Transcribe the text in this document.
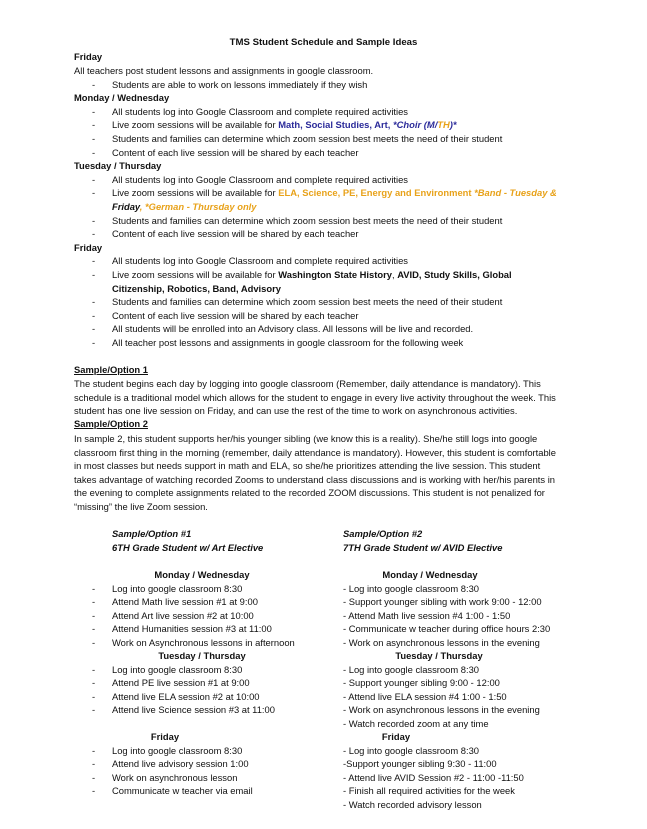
TMS Student Schedule and Sample Ideas
Friday
All teachers post student lessons and assignments in google classroom.
- Students are able to work on lessons immediately if they wish
Monday / Wednesday
- All students log into Google Classroom and complete required activities
- Live zoom sessions will be available for Math, Social Studies, Art, *Choir (M/TH)*
- Students and families can determine which zoom session best meets the need of their student
- Content of each live session will be shared by each teacher
Tuesday / Thursday
- All students log into Google Classroom and complete required activities
- Live zoom sessions will be available for ELA, Science, PE, Energy and Environment *Band - Tuesday &
Friday, *German - Thursday only
- Students and families can determine which zoom session best meets the need of their student
- Content of each live session will be shared by each teacher
Friday
- All students log into Google Classroom and complete required activities
- Live zoom sessions will be available for Washington State History, AVID, Study Skills, Global
Citizenship, Robotics, Band, Advisory
- Students and families can determine which zoom session best meets the need of their student
- Content of each live session will be shared by each teacher
- All students will be enrolled into an Advisory class. All lessons will be live and recorded.
- All teacher post lessons and assignments in google classroom for the following week
Sample/Option 1
The student begins each day by logging into google classroom (Remember, daily attendance is mandatory). This
schedule is a traditional model which allows for the student to engage in every live activity throughout the week. This
student has one live session on Friday, and can use the rest of the time to work on asynchronous activities.
Sample/Option 2
In sample 2, this student supports her/his younger sibling (we know this is a reality). She/he still logs into google
classroom first thing in the morning (remember, daily attendance is mandatory). However, this student is comfortable
in most classes but needs support in math and ELA, so she/he prioritizes attending the live session. This student
takes advantage of watching recorded Zooms to understand class discussions and is working with her/his parents in
the evening to complete assignments related to the recorded ZOOM discussions. This student is not penalized for
“missing” the live Zoom session.
Sample/Option #1
6TH Grade Student w/ Art Elective
Monday / Wednesday
- Log into google classroom 8:30
- Attend Math live session #1 at 9:00
- Attend Art live session #2 at 10:00
- Attend Humanities session #3 at 11:00
- Work on Asynchronous lessons in afternoon
Tuesday / Thursday
- Log into google classroom 8:30
- Attend PE live session #1 at 9:00
- Attend live ELA session #2 at 10:00
- Attend live Science session #3 at 11:00
Friday
- Log into google classroom 8:30
- Attend live advisory session 1:00
- Work on asynchronous lesson
- Communicate w teacher via email
Sample/Option #2
7TH Grade Student w/ AVID Elective
Monday / Wednesday
- Log into google classroom 8:30
- Support younger sibling with work 9:00 - 12:00
- Attend Math live session #4 1:00 - 1:50
- Communicate w teacher during office hours 2:30
- Work on asynchronous lessons in the evening
Tuesday / Thursday
- Log into google classroom 8:30
- Support younger sibling 9:00 - 12:00
- Attend live ELA session #4 1:00 - 1:50
- Work on asynchronous lessons in the evening
- Watch recorded zoom at any time
Friday
- Log into google classroom 8:30
-Support younger sibling 9:30 - 11:00
- Attend live AVID Session #2 - 11:00 -11:50
- Finish all required activities for the week
- Watch recorded advisory lesson
